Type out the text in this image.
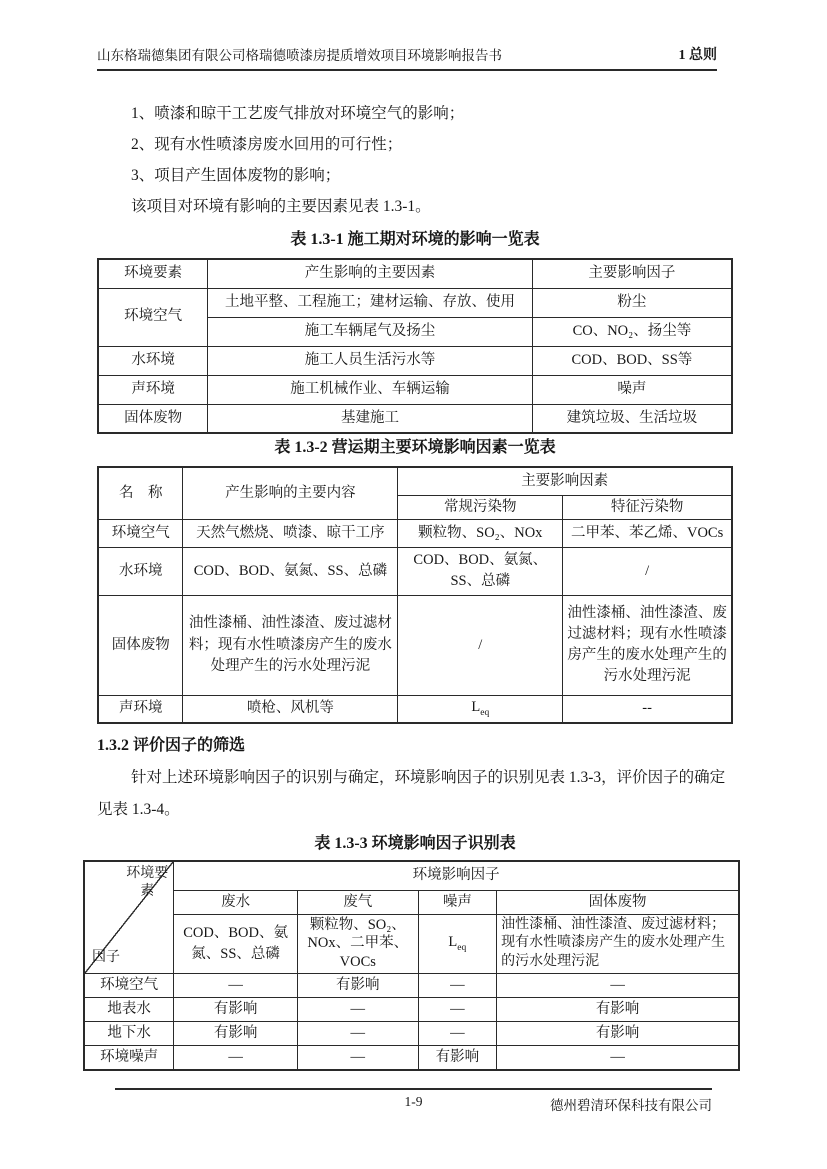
山东格瑞德集团有限公司格瑞德喷漆房提质增效项目环境影响报告书	1 总则

1、喷漆和晾干工艺废气排放对环境空气的影响；

2、现有水性喷漆房废水回用的可行性；

3、项目产生固体废物的影响；

该项目对环境有影响的主要因素见表 1.3-1。

表 1.3-1 施工期对环境的影响一览表
环境要素	产生影响的主要因素	主要影响因子
环境空气	土地平整、工程施工；建材运输、存放、使用	粉尘
	施工车辆尾气及扬尘	CO、NO₂、扬尘等
水环境	施工人员生活污水等	COD、BOD、SS等
声环境	施工机械作业、车辆运输	噪声
固体废物	基建施工	建筑垃圾、生活垃圾
表 1.3-2 营运期主要环境影响因素一览表
名　称	产生影响的主要内容	主要影响因素	
		常规污染物	特征污染物
环境空气	天然气燃烧、喷漆、晾干工序	颗粒物、SO₂、NOx	二甲苯、苯乙烯、VOCs
水环境	COD、BOD、氨氮、SS、总磷	COD、BOD、氨氮、SS、总磷	/
固体废物	油性漆桶、油性漆渣、废过滤材料；现有水性喷漆房产生的废水处理产生的污水处理污泥	/	油性漆桶、油性漆渣、废过滤材料；现有水性喷漆房产生的废水处理产生的污水处理污泥
声环境	喷枪、风机等	$L_{eq}$	--
1.3.2 评价因子的筛选

针对上述环境影响因子的识别与确定，环境影响因子的识别见表 1.3-3，评价因子的确定见表 1.3-4。

表 1.3-3 环境影响因子识别表
环境要素
因子	环境影响因子			
	废水	废气	噪声	固体废物
	COD、BOD、氨氮、SS、总磷	颗粒物、SO₂、NOx、二甲苯、VOCs	$L_{eq}$	油性漆桶、油性漆渣、废过滤材料；现有水性喷漆房产生的废水处理产生的污水处理污泥
环境空气	—	有影响	—	—
地表水	有影响	—	—	有影响
地下水	有影响	—	—	有影响
环境噪声	—	—	有影响	—
1-9	德州碧清环保科技有限公司
